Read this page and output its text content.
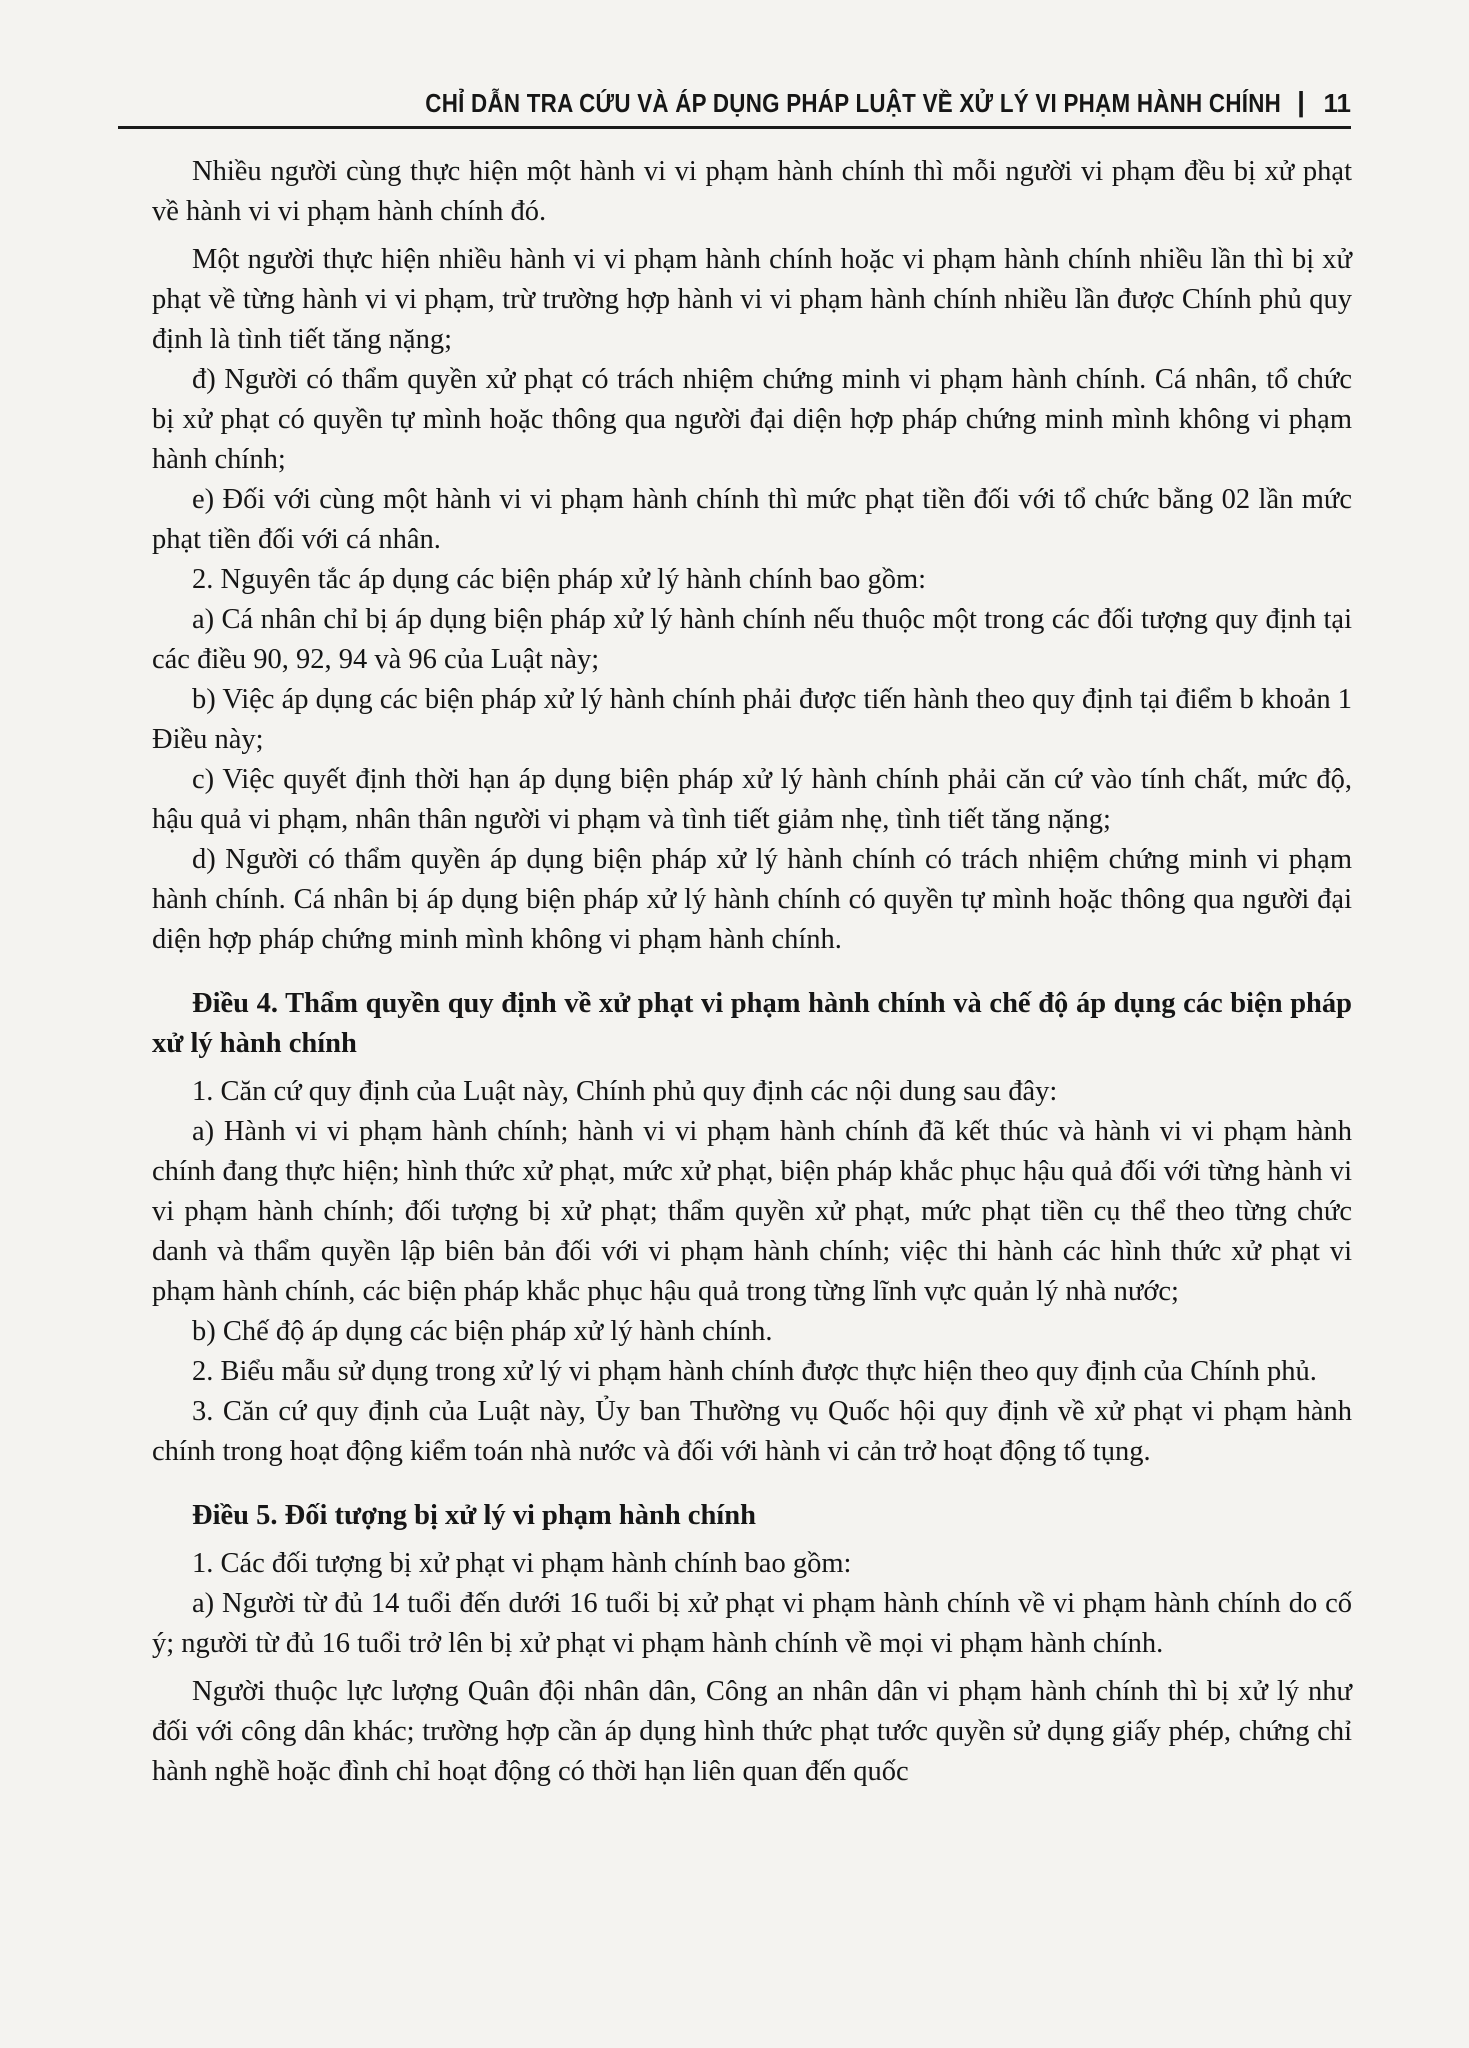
CHỈ DẪN TRA CỨU VÀ ÁP DỤNG PHÁP LUẬT VỀ XỬ LÝ VI PHẠM HÀNH CHÍNH | 11

Nhiều người cùng thực hiện một hành vi vi phạm hành chính thì mỗi người vi phạm đều bị xử phạt về hành vi vi phạm hành chính đó.

Một người thực hiện nhiều hành vi vi phạm hành chính hoặc vi phạm hành chính nhiều lần thì bị xử phạt về từng hành vi vi phạm, trừ trường hợp hành vi vi phạm hành chính nhiều lần được Chính phủ quy định là tình tiết tăng nặng;

đ) Người có thẩm quyền xử phạt có trách nhiệm chứng minh vi phạm hành chính. Cá nhân, tổ chức bị xử phạt có quyền tự mình hoặc thông qua người đại diện hợp pháp chứng minh mình không vi phạm hành chính;

e) Đối với cùng một hành vi vi phạm hành chính thì mức phạt tiền đối với tổ chức bằng 02 lần mức phạt tiền đối với cá nhân.

2. Nguyên tắc áp dụng các biện pháp xử lý hành chính bao gồm:

a) Cá nhân chỉ bị áp dụng biện pháp xử lý hành chính nếu thuộc một trong các đối tượng quy định tại các điều 90, 92, 94 và 96 của Luật này;

b) Việc áp dụng các biện pháp xử lý hành chính phải được tiến hành theo quy định tại điểm b khoản 1 Điều này;

c) Việc quyết định thời hạn áp dụng biện pháp xử lý hành chính phải căn cứ vào tính chất, mức độ, hậu quả vi phạm, nhân thân người vi phạm và tình tiết giảm nhẹ, tình tiết tăng nặng;

d) Người có thẩm quyền áp dụng biện pháp xử lý hành chính có trách nhiệm chứng minh vi phạm hành chính. Cá nhân bị áp dụng biện pháp xử lý hành chính có quyền tự mình hoặc thông qua người đại diện hợp pháp chứng minh mình không vi phạm hành chính.

Điều 4. Thẩm quyền quy định về xử phạt vi phạm hành chính và chế độ áp dụng các biện pháp xử lý hành chính

1. Căn cứ quy định của Luật này, Chính phủ quy định các nội dung sau đây:

a) Hành vi vi phạm hành chính; hành vi vi phạm hành chính đã kết thúc và hành vi vi phạm hành chính đang thực hiện; hình thức xử phạt, mức xử phạt, biện pháp khắc phục hậu quả đối với từng hành vi vi phạm hành chính; đối tượng bị xử phạt; thẩm quyền xử phạt, mức phạt tiền cụ thể theo từng chức danh và thẩm quyền lập biên bản đối với vi phạm hành chính; việc thi hành các hình thức xử phạt vi phạm hành chính, các biện pháp khắc phục hậu quả trong từng lĩnh vực quản lý nhà nước;

b) Chế độ áp dụng các biện pháp xử lý hành chính.

2. Biểu mẫu sử dụng trong xử lý vi phạm hành chính được thực hiện theo quy định của Chính phủ.

3. Căn cứ quy định của Luật này, Ủy ban Thường vụ Quốc hội quy định về xử phạt vi phạm hành chính trong hoạt động kiểm toán nhà nước và đối với hành vi cản trở hoạt động tố tụng.

Điều 5. Đối tượng bị xử lý vi phạm hành chính

1. Các đối tượng bị xử phạt vi phạm hành chính bao gồm:

a) Người từ đủ 14 tuổi đến dưới 16 tuổi bị xử phạt vi phạm hành chính về vi phạm hành chính do cố ý; người từ đủ 16 tuổi trở lên bị xử phạt vi phạm hành chính về mọi vi phạm hành chính.

Người thuộc lực lượng Quân đội nhân dân, Công an nhân dân vi phạm hành chính thì bị xử lý như đối với công dân khác; trường hợp cần áp dụng hình thức phạt tước quyền sử dụng giấy phép, chứng chỉ hành nghề hoặc đình chỉ hoạt động có thời hạn liên quan đến quốc
